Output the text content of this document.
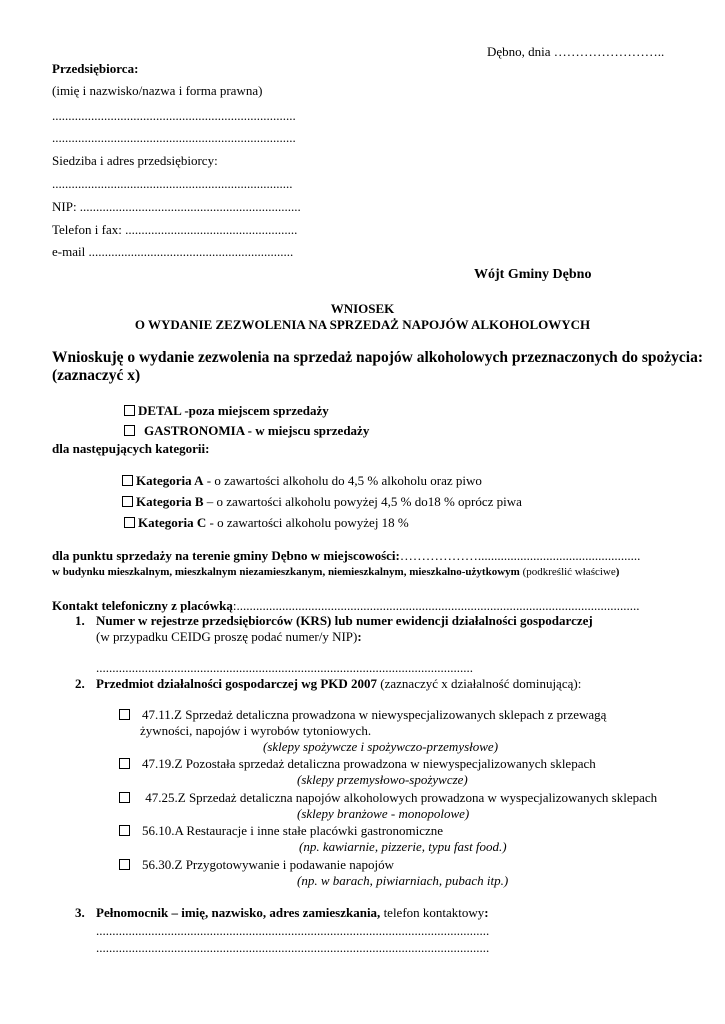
Dębno, dnia ……………………..
Przedsiębiorca:
(imię i nazwisko/nazwa i forma prawna)
...........................................................................
...........................................................................
Siedziba i adres przedsiębiorcy:
..........................................................................
NIP: ....................................................................
Telefon i fax: .....................................................
e-mail ...............................................................
Wójt Gminy Dębno
WNIOSEK
O WYDANIE ZEZWOLENIA NA SPRZEDAŻ NAPOJÓW ALKOHOLOWYCH
Wnioskuję o wydanie zezwolenia na sprzedaż napojów alkoholowych przeznaczonych do spożycia:
(zaznaczyć x)
DETAL -poza miejscem sprzedaży
GASTRONOMIA - w miejscu sprzedaży
dla następujących kategorii:
Kategoria A - o zawartości alkoholu do 4,5 % alkoholu oraz piwo
Kategoria B – o zawartości alkoholu powyżej 4,5 % do18 % oprócz piwa
Kategoria C - o zawartości alkoholu powyżej 18 %
dla punktu sprzedaży na terenie gminy Dębno w miejscowości:………………..................................................
w budynku mieszkalnym, mieszkalnym niezamieszkanym, niemieszkalnym, mieszkalno-użytkowym (podkreślić właściwe)
Kontakt telefoniczny z placówką:............................................................................................................................
1. Numer w rejestrze przedsiębiorców (KRS) lub numer ewidencji działalności gospodarczej
(w przypadku CEIDG proszę podać numer/y NIP):
....................................................................................................................
2. Przedmiot działalności gospodarczej wg PKD 2007 (zaznaczyć x działalność dominującą):
47.11.Z Sprzedaż detaliczna prowadzona w niewyspecjalizowanych sklepach z przewagą
żywności, napojów i wyrobów tytoniowych.
(sklepy spożywcze i spożywczo-przemysłowe)
47.19.Z Pozostała sprzedaż detaliczna prowadzona w niewyspecjalizowanych sklepach
(sklepy przemysłowo-spożywcze)
47.25.Z Sprzedaż detaliczna napojów alkoholowych prowadzona w wyspecjalizowanych sklepach
(sklepy branżowe - monopolowe)
56.10.A Restauracje i inne stałe placówki gastronomiczne
(np. kawiarnie, pizzerie, typu fast food.)
56.30.Z Przygotowywanie i podawanie napojów
(np. w barach, piwiarniach, pubach itp.)
3. Pełnomocnik – imię, nazwisko, adres zamieszkania, telefon kontaktowy:
.........................................................................................................................
.........................................................................................................................
